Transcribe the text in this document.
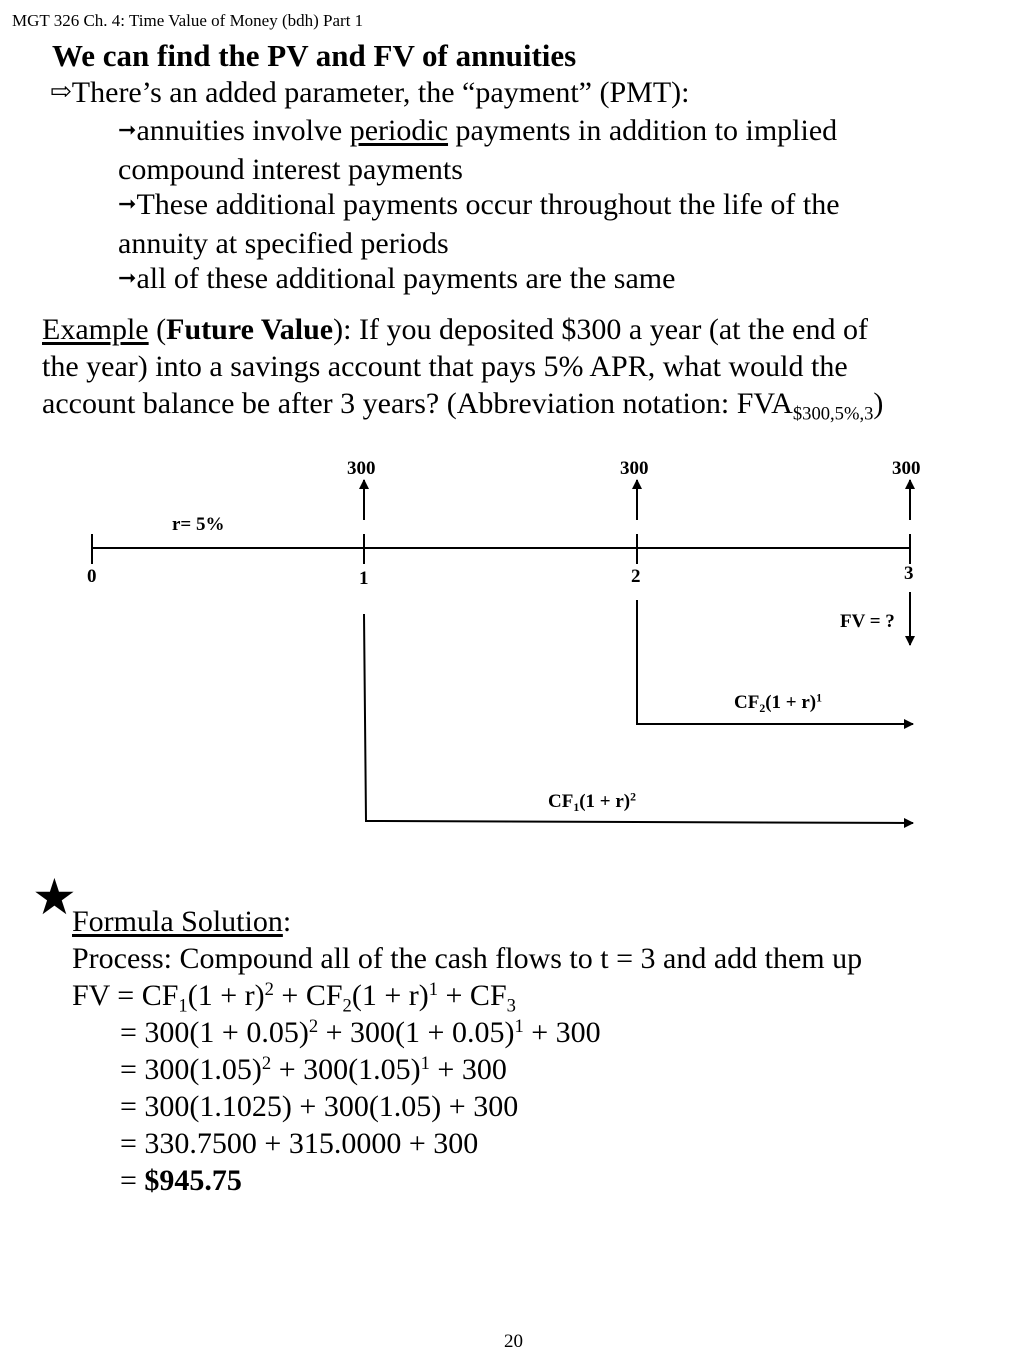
MGT 326 Ch. 4: Time Value of Money (bdh) Part 1
We can find the PV and FV of annuities
⇨There’s an added parameter, the “payment” (PMT):
➞annuities involve periodic payments in addition to implied
compound interest payments
➞These additional payments occur throughout the life of the
annuity at specified periods
➞all of these additional payments are the same
Example (Future Value): If you deposited $300 a year (at the end of
the year) into a savings account that pays 5% APR, what would the
account balance be after 3 years? (Abbreviation notation: $FVA_{\$300,5\%,3}$)
300	300	300
r= 5%
0	1	2	3
FV = ?
$CF_2(1 + r)^1$
$CF_1(1 + r)^2$
★
Formula Solution:
Process: Compound all of the cash flows to t = 3 and add them up
FV = $CF_1(1 + r)^2 + CF_2(1 + r)^1 + CF_3$
= $300(1 + 0.05)^2 + 300(1 + 0.05)^1 + 300$
= $300(1.05)^2 + 300(1.05)^1 + 300$
= 300(1.1025) + 300(1.05) + 300
= 330.7500 + 315.0000 + 300
= $945.75
20
